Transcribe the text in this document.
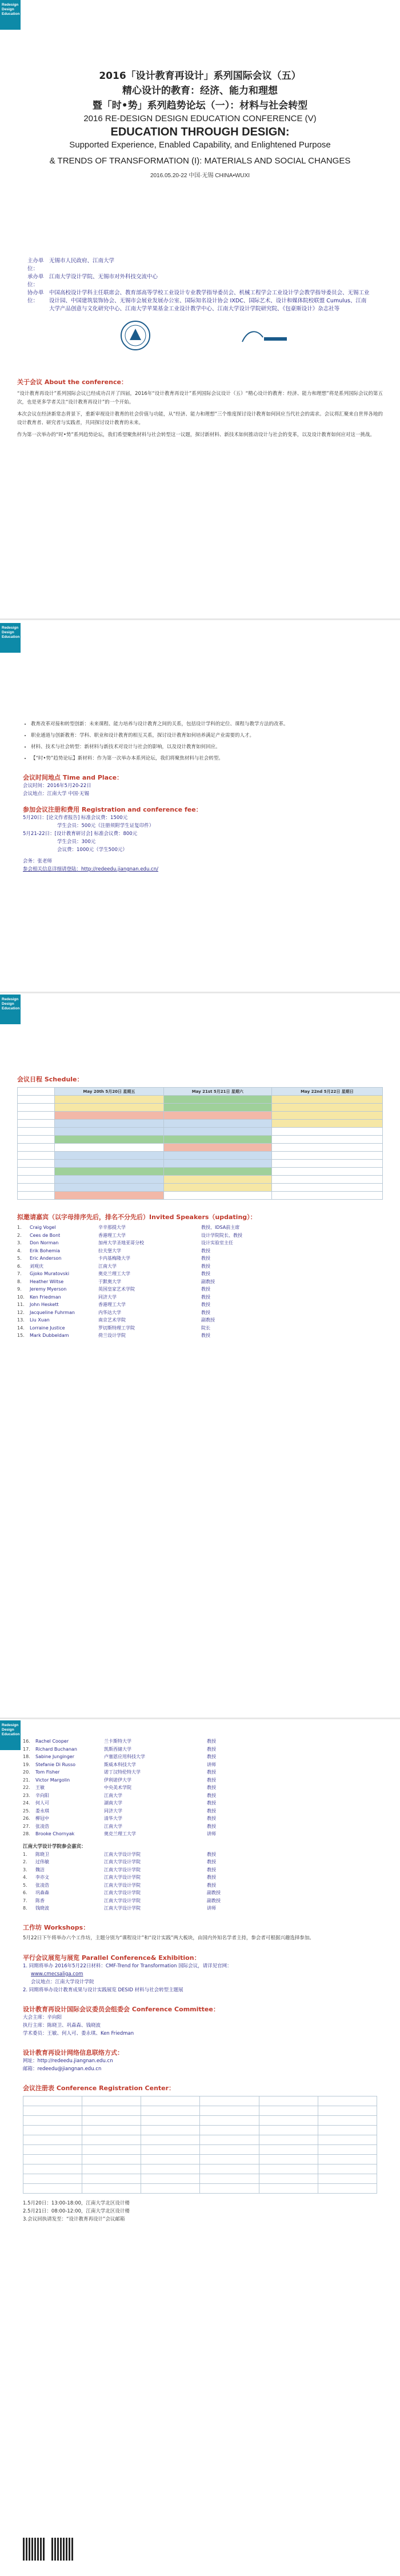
Redesign
Design
Education
2016「设计教育再设计」系列国际会议（五）
精心设计的教育：经济、能力和理想
暨「时•势」系列趋势论坛（一）：材料与社会转型
2016 RE-DESIGN DESIGN EDUCATION CONFERENCE (V)
EDUCATION THROUGH DESIGN:
Supported Experience, Enabled Capability, and Enlightened Purpose
& TRENDS OF TRANSFORMATION (I): MATERIALS AND SOCIAL CHANGES
2016.05.20-22 中国·无锡 CHINA•WUXI
主办单位：
无锡市人民政府、江南大学
承办单位：
江南大学设计学院、无锡市对外科技交流中心
协办单位：
中国高校设计学科主任联席会、教育部高等学校工业设计专业教学指导委员会、机械工程学会工业设计学会教学指导委员会、无锡工业设计园、中国建筑装饰协会、无锡市会展业发展办公室、国际知名设计协会 IXDC、国际艺术、设计和媒体院校联盟 Cumulus、江南大学产品创意与文化研究中心、江南大学苹果基金工业设计教学中心、江南大学设计学院研究院、《包豪斯设计》杂志社等
关于会议 About the conference：

“设计教育再设计”系列国际会议已经成功召开了四届，2016年“设计教育再设计”系列国际会议设计（五）“精心设计的教育：经济、能力和理想”将是系列国际会议的第五次，也是更多学者关注“设计教育再设计”的一个开始。

本次会议在经济新常态背景下，重新审视设计教育的社会价值与功能，从“经济、能力和理想”三个维度探讨设计教育如何回应当代社会的需求。会议将汇聚来自世界各地的设计教育者、研究者与实践者，共同探讨设计教育的未来。

作为第一次举办的“时•势”系列趋势论坛，我们希望聚焦材料与社会转型这一议题，探讨新材料、新技术如何推动设计与社会的变革，以及设计教育如何应对这一挑战。

Redesign
Design
Education
• 教育改革对接和转型创新：未来课程、能力培养与设计教育之间的关系，包括设计学科的定位、课程与教学方法的改革。
• 职业通道与创新教育：学科、职业和设计教育的相互关系，探讨设计教育如何培养满足产业需要的人才。
• 材料、技术与社会转型：新材料与新技术对设计与社会的影响，以及设计教育如何回应。
• 【“时•势”趋势论坛】新材料：作为第一次举办本系列论坛，我们将聚焦材料与社会转型。
会议时间地点 Time and Place：
会议时间：2016年5月20-22日
会议地点：江南大学 中国·无锡
参加会议注册和费用 Registration and conference fee：
5月20日：[论文作者报告] 标准会议费：1500元
学生会员：500元（注册须附学生证复印件）
5月21-22日：[设计教育研讨会] 标准会议费：800元
学生会员：300元
会议费：1000元（学生500元）
会务：张老师
参会相关信息详细请登陆：http://redeedu.jiangnan.edu.cn/
Redesign
Design
Education
会议日程 Schedule：
	May 20th 5月20日 星期五	May 21st 5月21日 星期六	May 22nd 5月22日 星期日

拟邀请嘉宾（以字母排序先后，排名不分先后）Invited Speakers（updating）：
1.	Craig Vogel	辛辛那提大学	教授、IDSA前主席
2.	Cees de Bont	香港理工大学	设计学院院长、教授
3.	Don Norman	加州大学圣地亚哥分校	设计实验室主任
4.	Erik Bohemia	拉夫堡大学	教授
5.	Eric Anderson	卡内基梅隆大学	教授
6.	刘观庆	江南大学	教授
7.	Gjoko Muratovski	奥克兰理工大学	教授
8.	Heather Wiltse	于默奥大学	副教授
9.	Jeremy Myerson	英国皇家艺术学院	教授
10.	Ken Friedman	同济大学	教授
11.	John Heskett	香港理工大学	教授
12.	Jacqueline Fuhrman	内华达大学	教授
13.	Liu Xuan	南京艺术学院	副教授
14.	Lorraine Justice	罗切斯特理工学院	院长
15.	Mark Dubbeldam	荷兰设计学院	教授
Redesign
Design
Education
16.	Rachel Cooper	兰卡斯特大学	教授
17.	Richard Buchanan	凯斯西储大学	教授
18.	Sabine Junginger	卢塞恩应用科技大学	教授
19.	Stefanie Di Russo	斯威本科技大学	讲师
20.	Tom Fisher	诺丁汉特伦特大学	教授
21.	Victor Margolin	伊利诺伊大学	教授
22.	王敏	中央美术学院	教授
23.	辛向阳	江南大学	教授
24.	何人可	湖南大学	教授
25.	娄永琪	同济大学	教授
26.	柳冠中	清华大学	教授
27.	张凌浩	江南大学	教授
28.	Brooke Chornyak	奥克兰理工大学	讲师
江南大学设计学院参会嘉宾：
1.	陈晓卫	江南大学设计学院	教授
2.	过伟敏	江南大学设计学院	教授
3.	魏洁	江南大学设计学院	教授
4.	李亦文	江南大学设计学院	教授
5.	张凌浩	江南大学设计学院	教授
6.	巩森森	江南大学设计学院	副教授
7.	陈香	江南大学设计学院	副教授
8.	钱晓波	江南大学设计学院	讲师
工作坊 Workshops：

5月22日下午将举办六个工作坊，主题分别为“课程设计”和“设计实践”两大板块，由国内外知名学者主持，参会者可根据兴趣选择参加。

平行会议展览与展览 Parallel Conference& Exhibition：
1. 同期将举办 2016年5月22日材料：CMF-Trend for Transformation 国际会议，请详见官网：
www.cmecsaliga.com
会议地点：江南大学设计学院
2. 同期将举办设计教育成果与设计实践展览 DESID 材料与社会转型主题展
设计教育再设计国际会议委员会组委会 Conference Committee：
大会主席：辛向阳
执行主席：陈晓卫、巩森森、钱晓波
学术委员：王敏、何人可、娄永琪、Ken Friedman
设计教育再设计网络信息联络方式：
网址：http://redeedu.jiangnan.edu.cn
邮箱：redeedu@jiangnan.edu.cn
会议注册表 Conference Registration Center：

1.5月20日：13:00-18:00，江南大学北区设计楼
2.5月21日：08:00-12:00，江南大学北区设计楼
3.会议回执请发至：“设计教育再设计”会议邮箱
